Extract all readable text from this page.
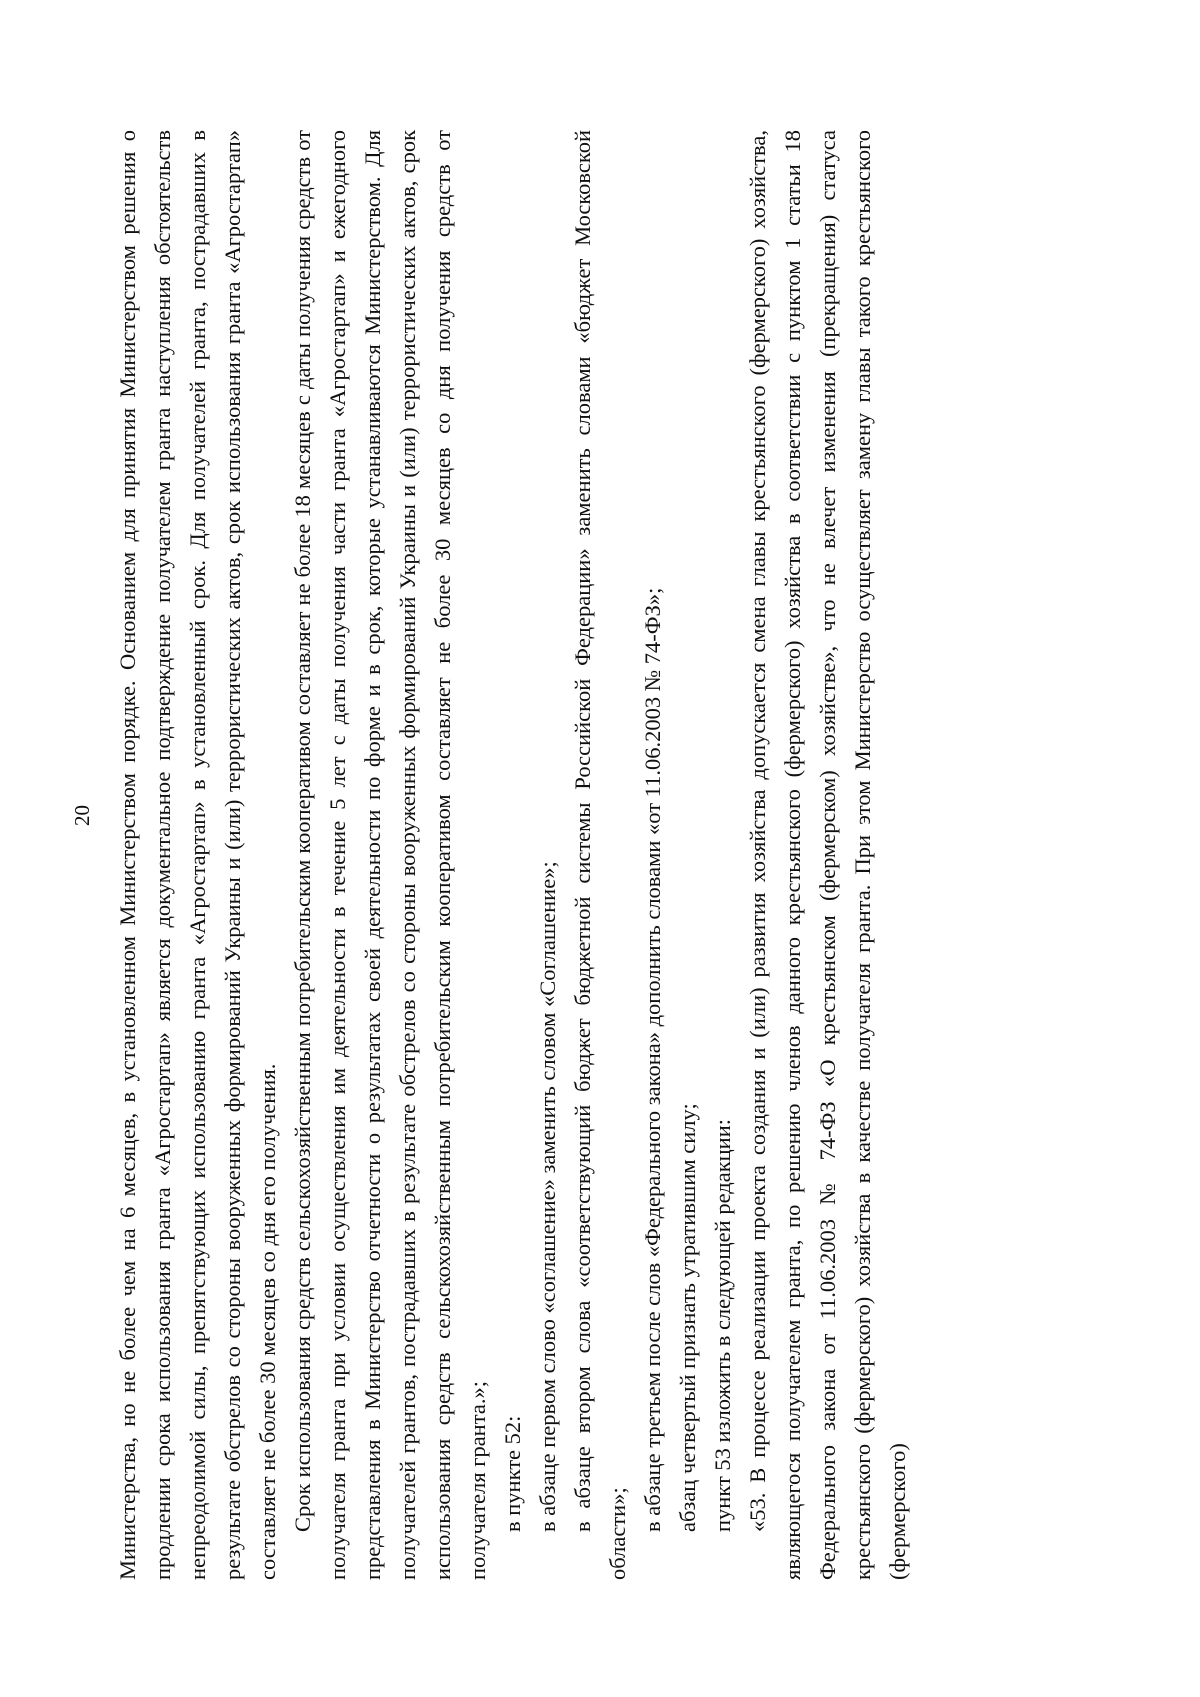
20 Министерства, но не более чем на 6 месяцев, в установленном Министерством порядке. Основанием для принятия Министерством решения о продлении срока использования гранта «Агростартап» является документальное подтверждение получателем гранта наступления обстоятельств непреодолимой силы, препятствующих использованию гранта «Агростартап» в установленный срок. Для получателей гранта, пострадавших в результате обстрелов со стороны вооруженных формирований Украины и (или) террористических актов, срок использования гранта «Агростартап» составляет не более 30 месяцев со дня его получения. Срок использования средств сельскохозяйственным потребительским кооперативом составляет не более 18 месяцев с даты получения средств от получателя гранта при условии осуществления им деятельности в течение 5 лет с даты получения части гранта «Агростартап» и ежегодного представления в Министерство отчетности о результатах своей деятельности по форме и в срок, которые устанавливаются Министерством. Для получателей грантов, пострадавших в результате обстрелов со стороны вооруженных формирований Украины и (или) террористических актов, срок использования средств сельскохозяйственным потребительским кооперативом составляет не более 30 месяцев со дня получения средств от получателя гранта.»; в пункте 52: в абзаце первом слово «соглашение» заменить словом «Соглашение»; в абзаце втором слова «соответствующий бюджет бюджетной системы Российской Федерации» заменить словами «бюджет Московской области»;

в абзаце третьем после слов «Федерального закона» дополнить словами «от 11.06.2003 № 74-ФЗ»; абзац четвертый признать утратившим силу; пункт 53 изложить в следующей редакции: «53. В процессе реализации проекта создания и (или) развития хозяйства допускается смена главы крестьянского (фермерского) хозяйства, являющегося получателем гранта, по решению членов данного крестьянского (фермерского) хозяйства в соответствии с пунктом 1 статьи 18 Федерального закона от 11.06.2003 № 74-ФЗ «О крестьянском (фермерском) хозяйстве», что не влечет изменения (прекращения) статуса крестьянского (фермерского) хозяйства в качестве получателя гранта. При этом Министерство осуществляет замену главы такого крестьянского (фермерского)
